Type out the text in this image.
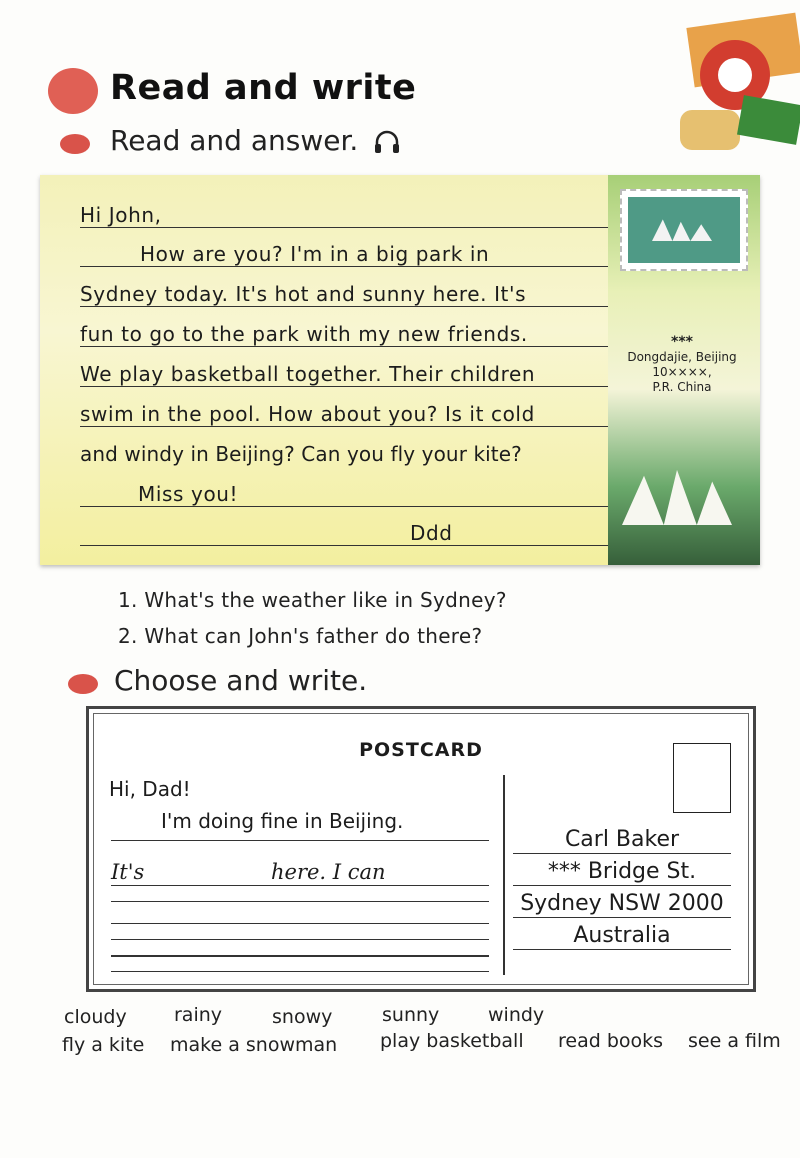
Read and write
Read and answer.
Hi John,
How are you? I'm in a big park in
Sydney today. It's hot and sunny here. It's
fun to go to the park with my new friends.
We play basketball together. Their children
swim in the pool. How about you? Is it cold
and windy in Beijing? Can you fly your kite?
Miss you!
Ddd
***
Dongdajie, Beijing
10××××,
P.R. China
1. What's the weather like in Sydney?
2. What can John's father do there?
Choose and write.
POSTCARD
Hi, Dad!
I'm doing fine in Beijing.
It's	here. I can
Carl Baker
*** Bridge St.
Sydney NSW 2000
Australia
cloudy rainy	snowy	sunny	windy
fly a kite make a snowman play basketball read books see a film
